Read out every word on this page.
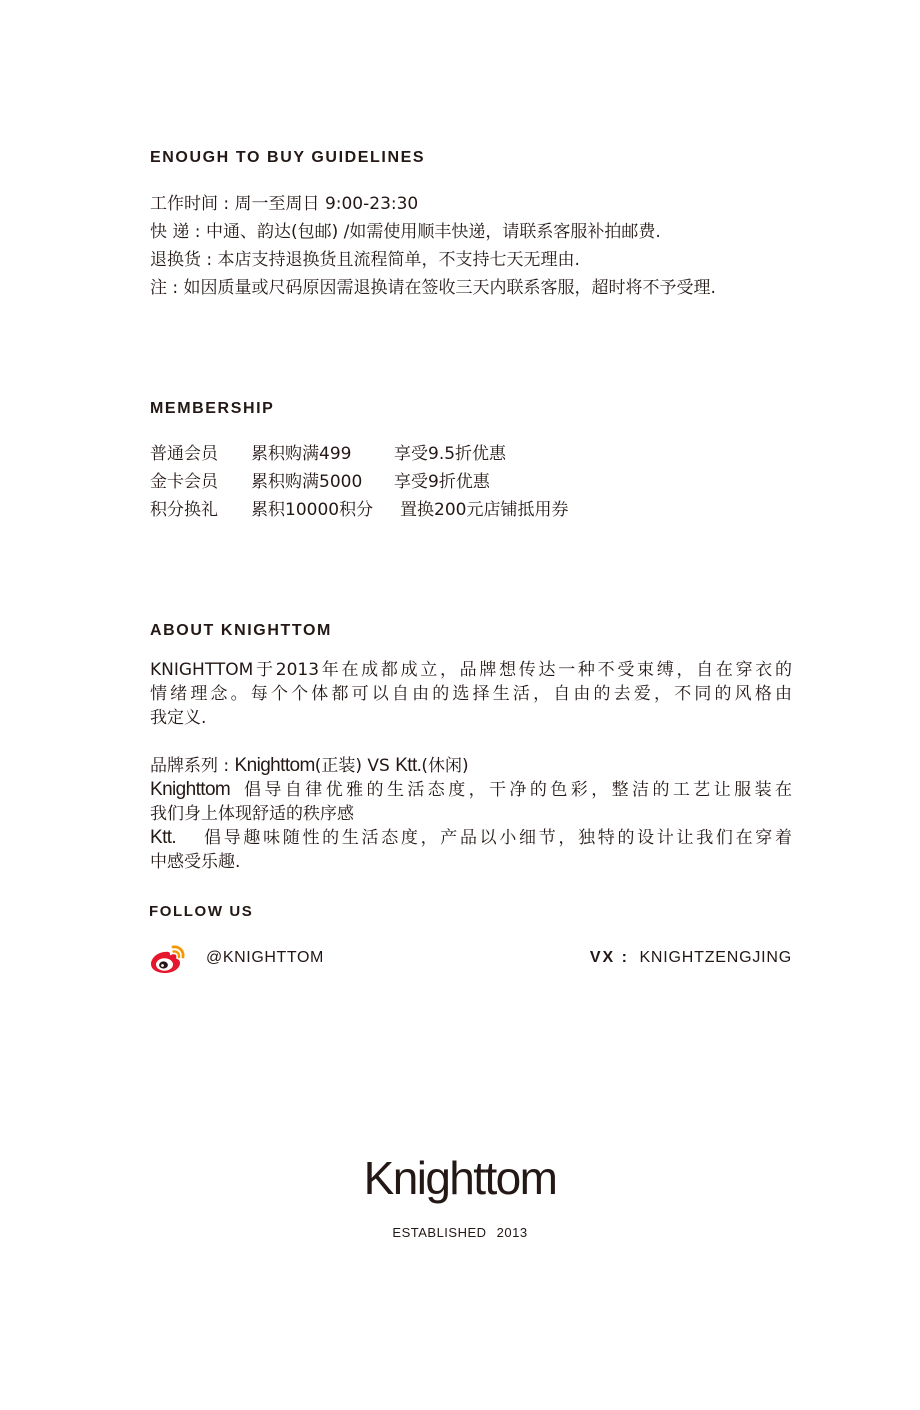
ENOUGH TO BUY GUIDELINES
工作时间 : 周一至周日 9:00-23:30
快 递 : 中通、韵达(包邮) /如需使用顺丰快递，请联系客服补拍邮费.
退换货 : 本店支持退换货且流程简单，不支持七天无理由.
注 : 如因质量或尺码原因需退换请在签收三天内联系客服，超时将不予受理.
MEMBERSHIP
普通会员 累积购满499	享受9.5折优惠
金卡会员 累积购满5000 享受9折优惠
积分换礼 累积10000积分 置换200元店铺抵用券
ABOUT KNIGHTTOM
KNIGHTTOM于2013年在成都成立，品牌想传达一种不受束缚，自在穿衣的
情绪理念。每个个体都可以自由的选择生活，自由的去爱，不同的风格由
我定义.
品牌系列 : Knighttom(正装) VS Ktt.(休闲)
Knighttom 倡导自律优雅的生活态度，干净的色彩，整洁的工艺让服装在
我们身上体现舒适的秩序感
Ktt.	倡导趣味随性的生活态度，产品以小细节，独特的设计让我们在穿着
中感受乐趣.
FOLLOW US
@KNIGHTTOM	VX : KNIGHTZENGJING
Knighttom
ESTABLISHED 2013
